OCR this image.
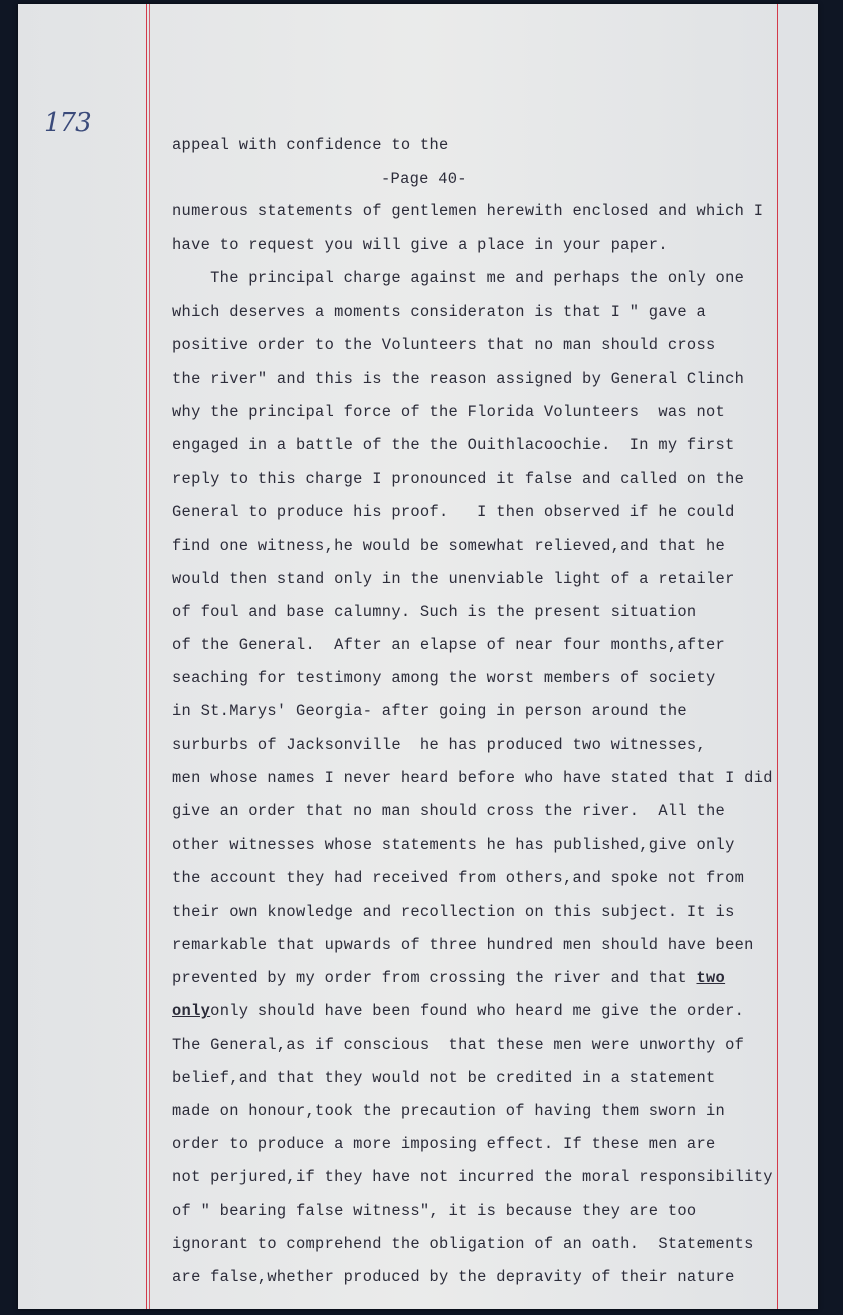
173
appeal with confidence to the
-Page 40-
numerous statements of gentlemen herewith enclosed and which I
have to request you will give a place in your paper.
The principal charge against me and perhaps the only one
which deserves a moments consideraton is that I " gave a
positive order to the Volunteers that no man should cross
the river" and this is the reason assigned by General Clinch
why the principal force of the Florida Volunteers  was not
engaged in a battle of the the Ouithlacoochie.  In my first
reply to this charge I pronounced it false and called on the
General to produce his proof.   I then observed if he could
find one witness,he would be somewhat relieved,and that he
would then stand only in the unenviable light of a retailer
of foul and base calumny. Such is the present situation
of the General.  After an elapse of near four months,after
seaching for testimony among the worst members of society
in St.Marys' Georgia- after going in person around the
surburbs of Jacksonville  he has produced two witnesses,
men whose names I never heard before who have stated that I did
give an order that no man should cross the river.  All the
other witnesses whose statements he has published,give only
the account they had received from others,and spoke not from
their own knowledge and recollection on this subject. It is
remarkable that upwards of three hundred men should have been
prevented by my order from crossing the river and that two
onlyonly should have been found who heard me give the order.
The General,as if conscious  that these men were unworthy of
belief,and that they would not be credited in a statement
made on honour,took the precaution of having them sworn in
order to produce a more imposing effect. If these men are
not perjured,if they have not incurred the moral responsibility
of " bearing false witness", it is because they are too
ignorant to comprehend the obligation of an oath.  Statements
are false,whether produced by the depravity of their nature
